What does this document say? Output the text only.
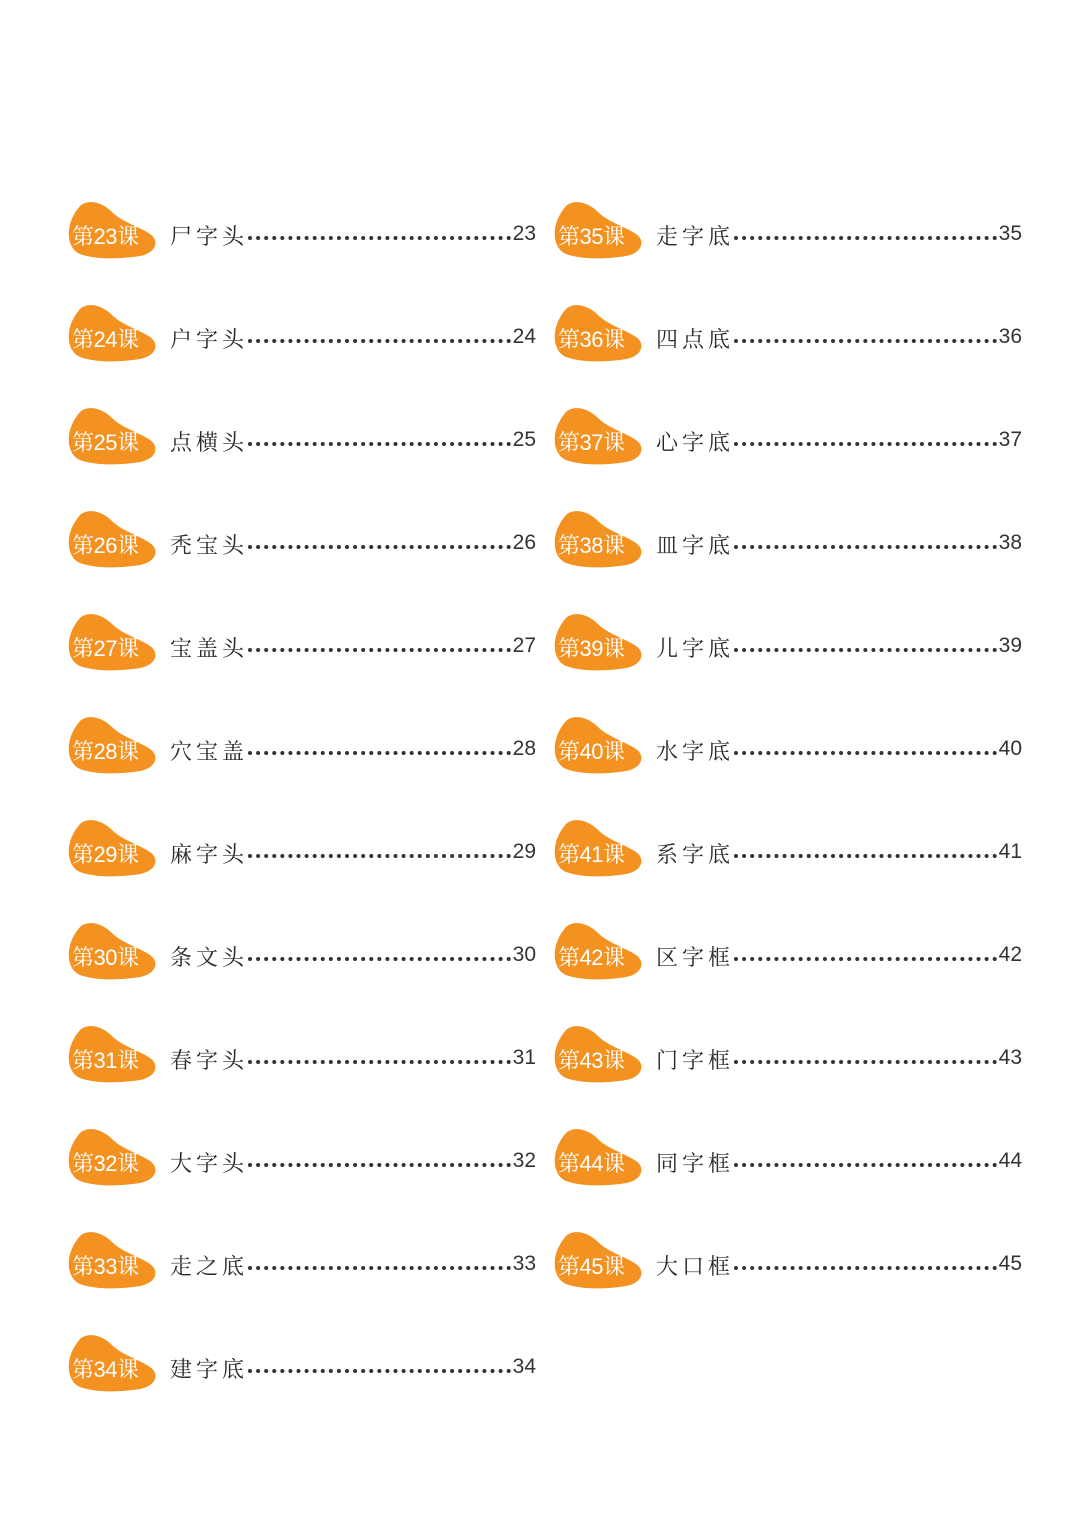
第23课	尸字头	23
第24课	户字头	24
第25课	点横头	25
第26课	秃宝头	26
第27课	宝盖头	27
第28课	穴宝盖	28
第29课	麻字头	29
第30课	条文头	30
第31课	春字头	31
第32课	大字头	32
第33课	走之底	33
第34课	建字底	34
第35课	走字底	35
第36课	四点底	36
第37课	心字底	37
第38课	皿字底	38
第39课	儿字底	39
第40课	水字底	40
第41课	系字底	41
第42课	区字框	42
第43课	门字框	43
第44课	同字框	44
第45课	大口框	45
